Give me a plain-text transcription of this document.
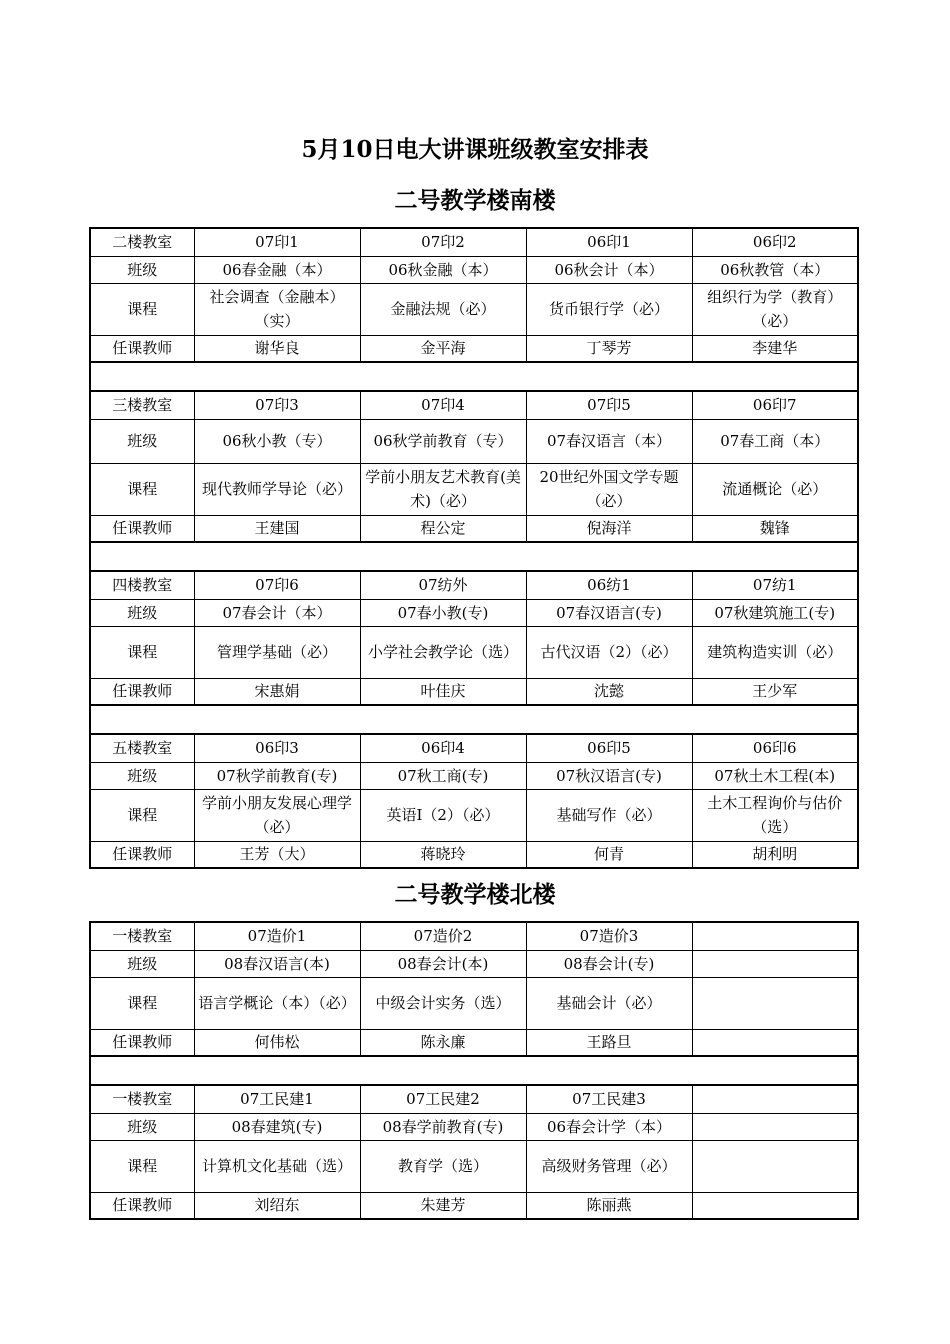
5月10日电大讲课班级教室安排表
二号教学楼南楼
二楼教室	07印1	07印2	06印1	06印2
班级	06春金融（本）	06秋金融（本）	06秋会计（本）	06秋教管（本）
课程	社会调查（金融本）（实）	金融法规（必）	货币银行学（必）	组织行为学（教育）（必）
任课教师	谢华良	金平海	丁琴芳	李建华

三楼教室	07印3	07印4	07印5	06印7
班级	06秋小教（专）	06秋学前教育（专）	07春汉语言（本）	07春工商（本）
课程	现代教师学导论（必）	学前小朋友艺术教育(美术)（必）	20世纪外国文学专题（必）	流通概论（必）
任课教师	王建国	程公定	倪海洋	魏锋

四楼教室	07印6	07纺外	06纺1	07纺1
班级	07春会计（本）	07春小教(专)	07春汉语言(专)	07秋建筑施工(专)
课程	管理学基础（必）	小学社会教学论（选）	古代汉语（2）（必）	建筑构造实训（必）
任课教师	宋惠娟	叶佳庆	沈懿	王少军

五楼教室	06印3	06印4	06印5	06印6
班级	07秋学前教育(专)	07秋工商(专)	07秋汉语言(专)	07秋土木工程(本)
课程	学前小朋友发展心理学（必）	英语Ⅰ（2）（必）	基础写作（必）	土木工程询价与估价（选）
任课教师	王芳（大）	蒋晓玲	何青	胡利明
二号教学楼北楼
一楼教室	07造价1	07造价2	07造价3	
班级	08春汉语言(本)	08春会计(本)	08春会计(专)	
课程	语言学概论（本）（必）	中级会计实务（选）	基础会计（必）	
任课教师	何伟松	陈永廉	王路旦	

一楼教室	07工民建1	07工民建2	07工民建3	
班级	08春建筑(专)	08春学前教育(专)	06春会计学（本）	
课程	计算机文化基础（选）	教育学（选）	高级财务管理（必）	
任课教师	刘绍东	朱建芳	陈丽燕	
